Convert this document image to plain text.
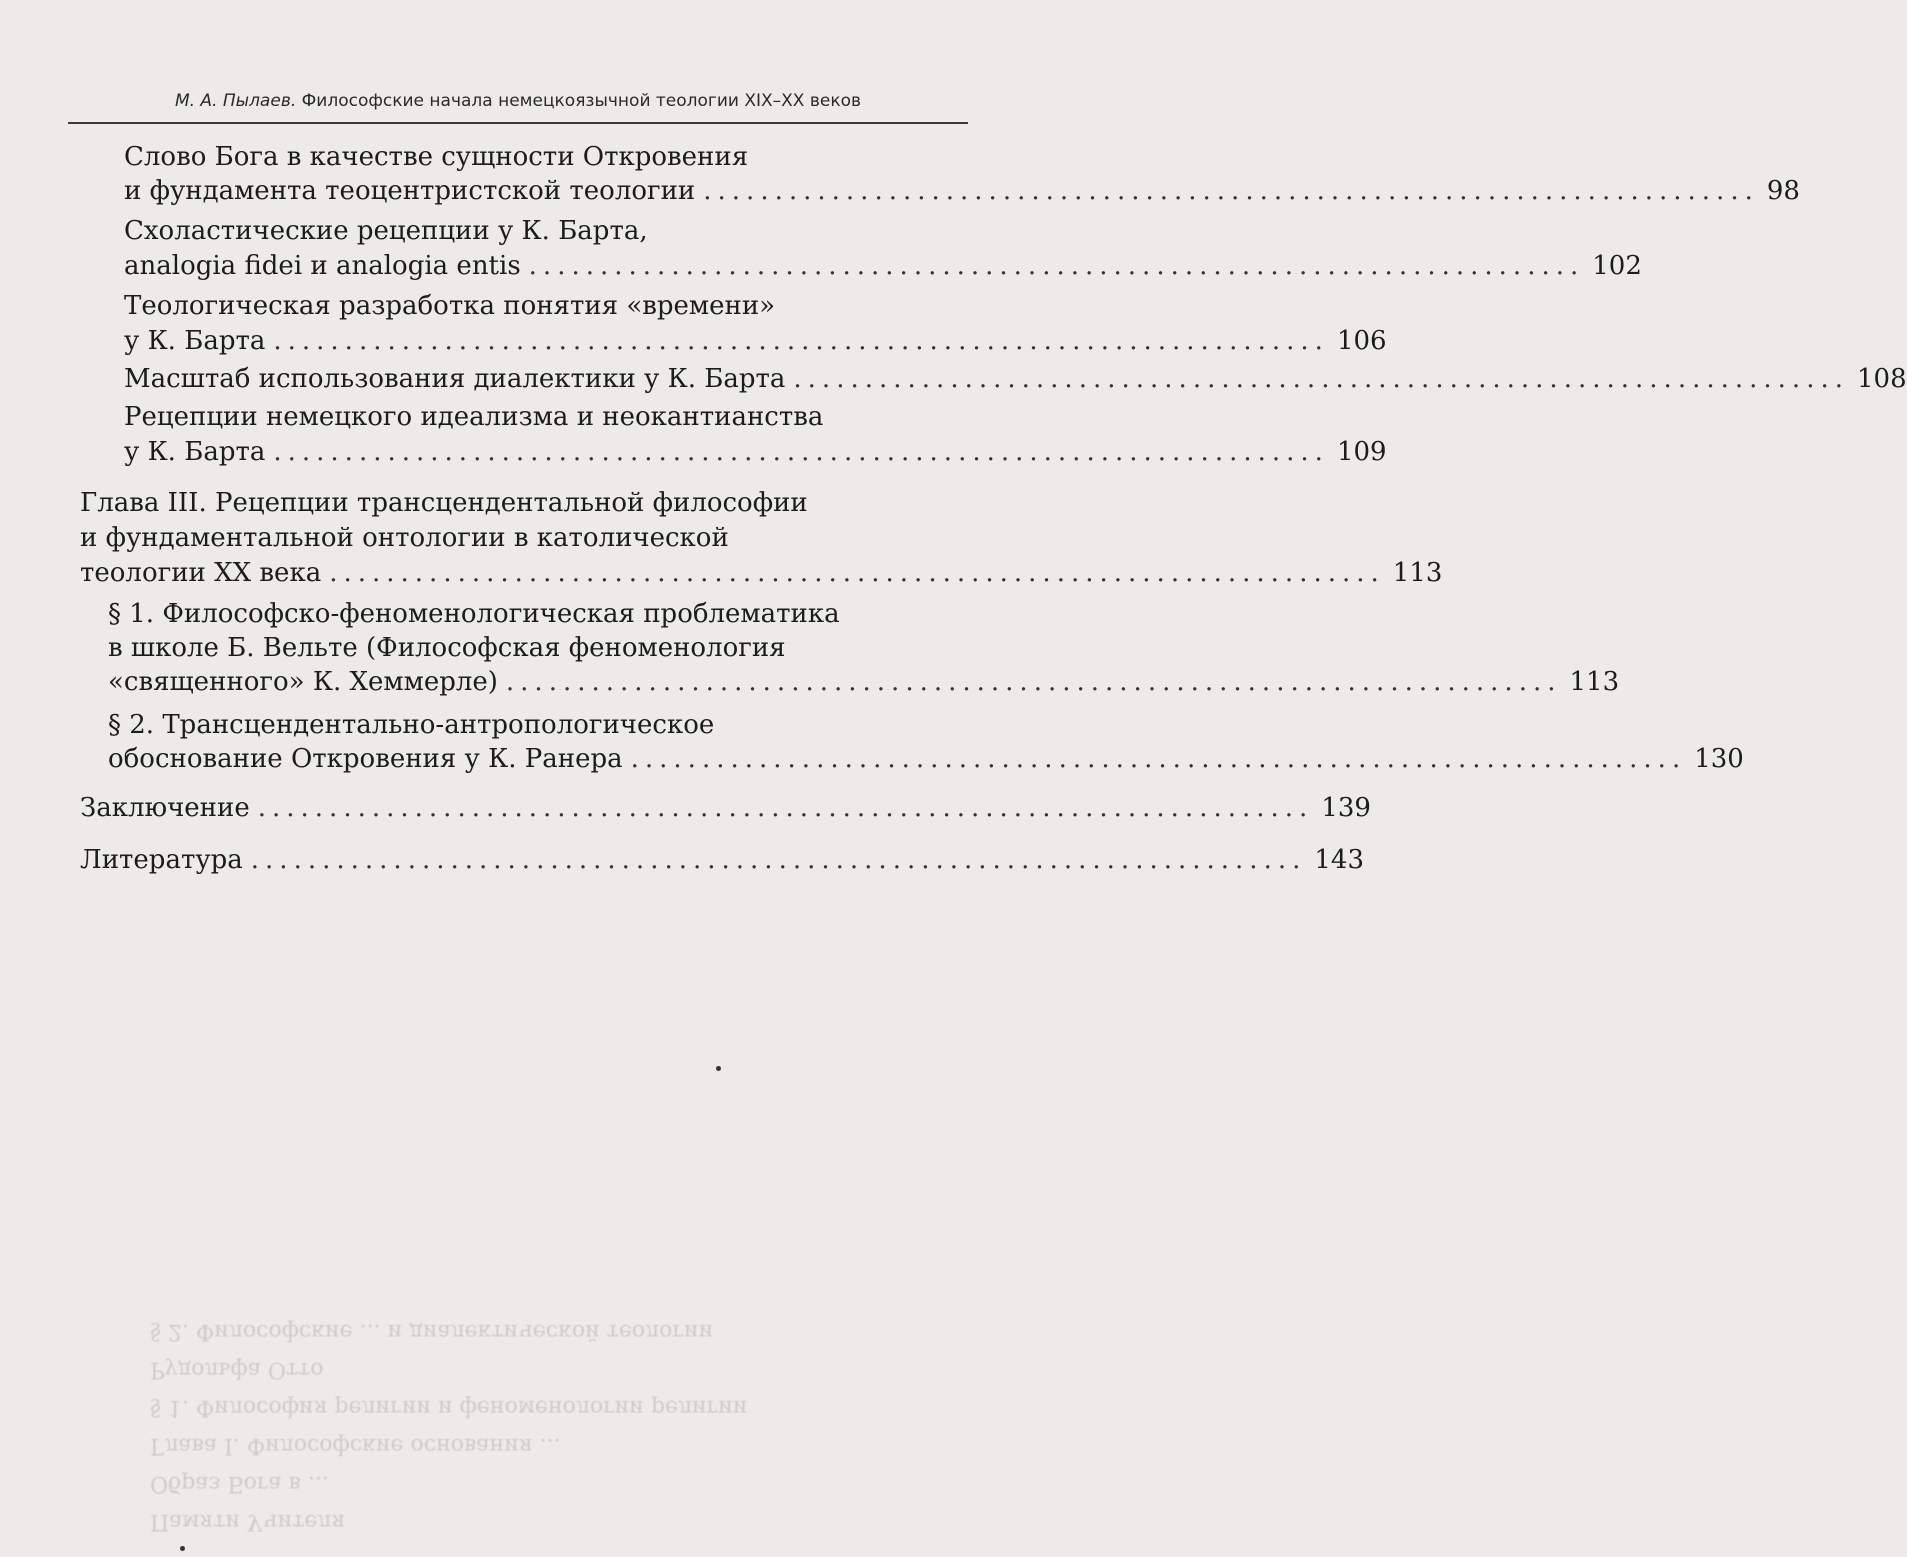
М. А. Пылаев. Философские начала немецкоязычной теологии XIX–XX веков
Памяти Учителя
Образ Бога в ...
Глава I. Философские основания ...
§ 1. Философия религии и феноменологии религии
Рудольфа Отто
§ 2. Философские ... и диалектической теологии
Слово Бога в качестве сущности Откровения
и фундамента теоцентристской теологии .......................................................................... 98
Схоластические рецепции у К. Барта,
analogia fidei и analogia entis .......................................................................... 102
Теологическая разработка понятия «времени»
у К. Барта .......................................................................... 106
Масштаб использования диалектики у К. Барта .......................................................................... 108
Рецепции немецкого идеализма и неокантианства
у К. Барта .......................................................................... 109
Глава III. Рецепции трансцендентальной философии
и фундаментальной онтологии в католической
теологии XX века .......................................................................... 113
§ 1. Философско-феноменологическая проблематика
в школе Б. Вельте (Философская феноменология
«священного» К. Хеммерле) .......................................................................... 113
§ 2. Трансцендентально-антропологическое
обоснование Откровения у К. Ранера .......................................................................... 130
Заключение .......................................................................... 139
Литература .......................................................................... 143
